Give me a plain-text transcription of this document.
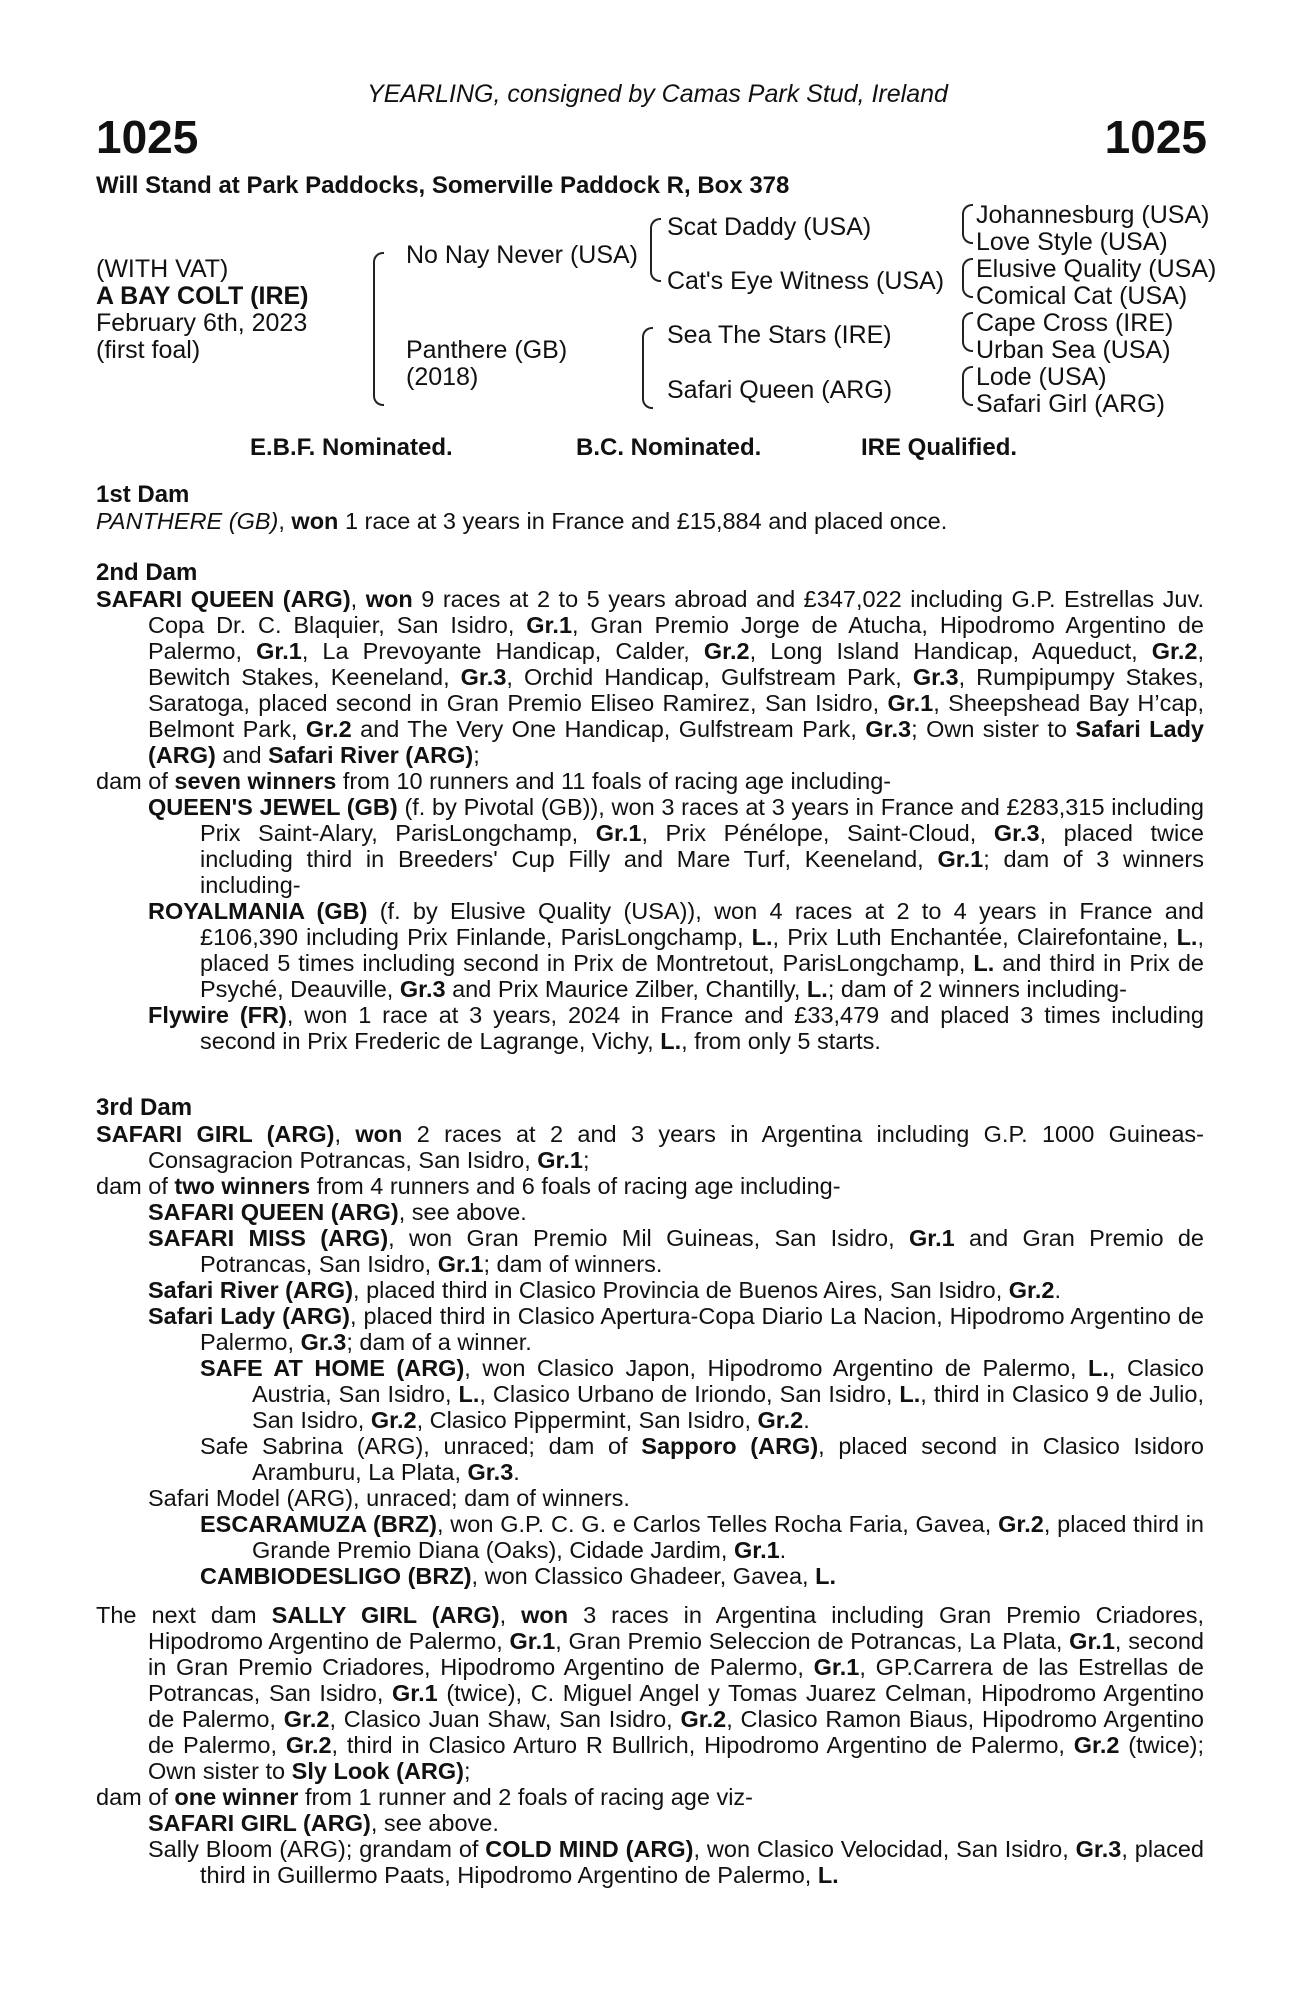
YEARLING, consigned by Camas Park Stud, Ireland
1025	1025
Will Stand at Park Paddocks, Somerville Paddock R, Box 378
(WITH VAT)
A BAY COLT (IRE)
February 6th, 2023
(first foal)
No Nay Never (USA)
Panthere (GB)
(2018)
Scat Daddy (USA)
Cat's Eye Witness (USA)
Sea The Stars (IRE)
Safari Queen (ARG)
Johannesburg (USA)
Love Style (USA)
Elusive Quality (USA)
Comical Cat (USA)
Cape Cross (IRE)
Urban Sea (USA)
Lode (USA)
Safari Girl (ARG)
E.B.F. Nominated.	B.C. Nominated.	IRE Qualified.

1st Dam

PANTHERE (GB), won 1 race at 3 years in France and £15,884 and placed once.

2nd Dam

SAFARI QUEEN (ARG), won 9 races at 2 to 5 years abroad and £347,022 including G.P. Estrellas Juv. Copa Dr. C. Blaquier, San Isidro, Gr.1, Gran Premio Jorge de Atucha, Hipodromo Argentino de Palermo, Gr.1, La Prevoyante Handicap, Calder, Gr.2, Long Island Handicap, Aqueduct, Gr.2, Bewitch Stakes, Keeneland, Gr.3, Orchid Handicap, Gulfstream Park, Gr.3, Rumpipumpy Stakes, Saratoga, placed second in Gran Premio Eliseo Ramirez, San Isidro, Gr.1, Sheepshead Bay H’cap, Belmont Park, Gr.2 and The Very One Handicap, Gulfstream Park, Gr.3; Own sister to Safari Lady (ARG) and Safari River (ARG);

dam of seven winners from 10 runners and 11 foals of racing age including-

QUEEN'S JEWEL (GB) (f. by Pivotal (GB)), won 3 races at 3 years in France and £283,315 including Prix Saint-Alary, ParisLongchamp, Gr.1, Prix Pénélope, Saint-Cloud, Gr.3, placed twice including third in Breeders' Cup Filly and Mare Turf, Keeneland, Gr.1; dam of 3 winners including-

ROYALMANIA (GB) (f. by Elusive Quality (USA)), won 4 races at 2 to 4 years in France and £106,390 including Prix Finlande, ParisLongchamp, L., Prix Luth Enchantée, Clairefontaine, L., placed 5 times including second in Prix de Montretout, ParisLongchamp, L. and third in Prix de Psyché, Deauville, Gr.3 and Prix Maurice Zilber, Chantilly, L.; dam of 2 winners including-

Flywire (FR), won 1 race at 3 years, 2024 in France and £33,479 and placed 3 times including second in Prix Frederic de Lagrange, Vichy, L., from only 5 starts.

3rd Dam

SAFARI GIRL (ARG), won 2 races at 2 and 3 years in Argentina including G.P. 1000 Guineas-Consagracion Potrancas, San Isidro, Gr.1;

dam of two winners from 4 runners and 6 foals of racing age including-

SAFARI QUEEN (ARG), see above.

SAFARI MISS (ARG), won Gran Premio Mil Guineas, San Isidro, Gr.1 and Gran Premio de Potrancas, San Isidro, Gr.1; dam of winners.

Safari River (ARG), placed third in Clasico Provincia de Buenos Aires, San Isidro, Gr.2.

Safari Lady (ARG), placed third in Clasico Apertura-Copa Diario La Nacion, Hipodromo Argentino de Palermo, Gr.3; dam of a winner.

SAFE AT HOME (ARG), won Clasico Japon, Hipodromo Argentino de Palermo, L., Clasico Austria, San Isidro, L., Clasico Urbano de Iriondo, San Isidro, L., third in Clasico 9 de Julio, San Isidro, Gr.2, Clasico Pippermint, San Isidro, Gr.2.

Safe Sabrina (ARG), unraced; dam of Sapporo (ARG), placed second in Clasico Isidoro Aramburu, La Plata, Gr.3.

Safari Model (ARG), unraced; dam of winners.

ESCARAMUZA (BRZ), won G.P. C. G. e Carlos Telles Rocha Faria, Gavea, Gr.2, placed third in Grande Premio Diana (Oaks), Cidade Jardim, Gr.1.

CAMBIODESLIGO (BRZ), won Classico Ghadeer, Gavea, L.

The next dam SALLY GIRL (ARG), won 3 races in Argentina including Gran Premio Criadores, Hipodromo Argentino de Palermo, Gr.1, Gran Premio Seleccion de Potrancas, La Plata, Gr.1, second in Gran Premio Criadores, Hipodromo Argentino de Palermo, Gr.1, GP.Carrera de las Estrellas de Potrancas, San Isidro, Gr.1 (twice), C. Miguel Angel y Tomas Juarez Celman, Hipodromo Argentino de Palermo, Gr.2, Clasico Juan Shaw, San Isidro, Gr.2, Clasico Ramon Biaus, Hipodromo Argentino de Palermo, Gr.2, third in Clasico Arturo R Bullrich, Hipodromo Argentino de Palermo, Gr.2 (twice); Own sister to Sly Look (ARG);

dam of one winner from 1 runner and 2 foals of racing age viz-

SAFARI GIRL (ARG), see above.

Sally Bloom (ARG); grandam of COLD MIND (ARG), won Clasico Velocidad, San Isidro, Gr.3, placed third in Guillermo Paats, Hipodromo Argentino de Palermo, L.
